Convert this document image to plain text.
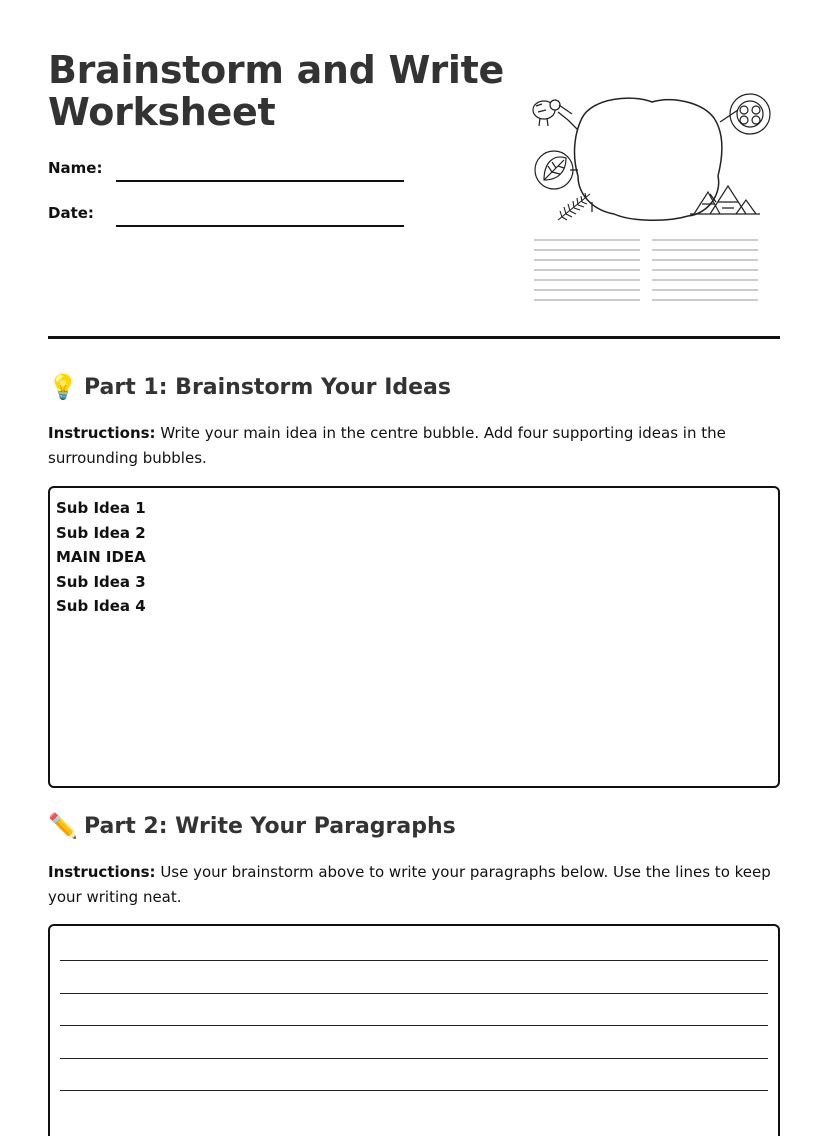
Brainstorm and Write
Worksheet
Name:
Date:
💡 Part 1: Brainstorm Your Ideas
Instructions: Write your main idea in the centre bubble. Add four supporting ideas in the surrounding bubbles.
Sub Idea 1
Sub Idea 2
MAIN IDEA
Sub Idea 3
Sub Idea 4
✏️ Part 2: Write Your Paragraphs
Instructions: Use your brainstorm above to write your paragraphs below. Use the lines to keep your writing neat.
